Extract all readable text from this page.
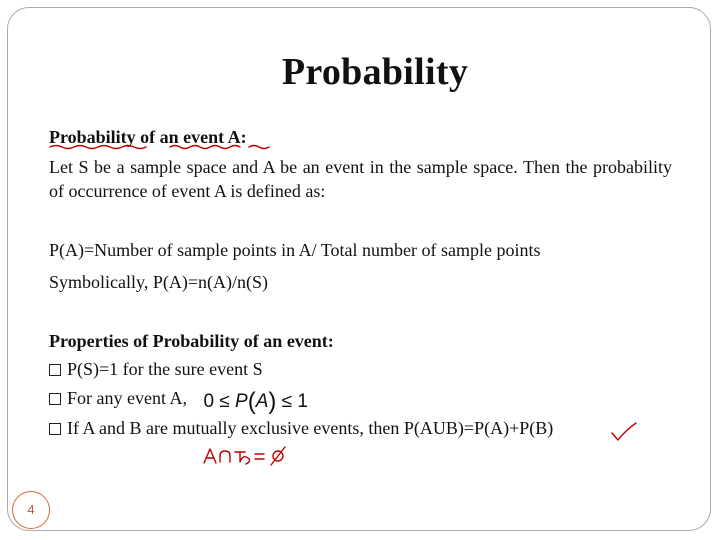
Probability
Probability of an event A:
Let S be a sample space and A be an event in the sample space. Then the probability of occurrence of event A is defined as:
P(A)=Number of sample points in A/ Total number of sample points
Symbolically, P(A)=n(A)/n(S)
Properties of Probability of an event:
P(S)=1 for the sure event S
For any event A, 0 ≤ P(A) ≤ 1
If A and B are mutually exclusive events, then P(AUB)=P(A)+P(B)
4
